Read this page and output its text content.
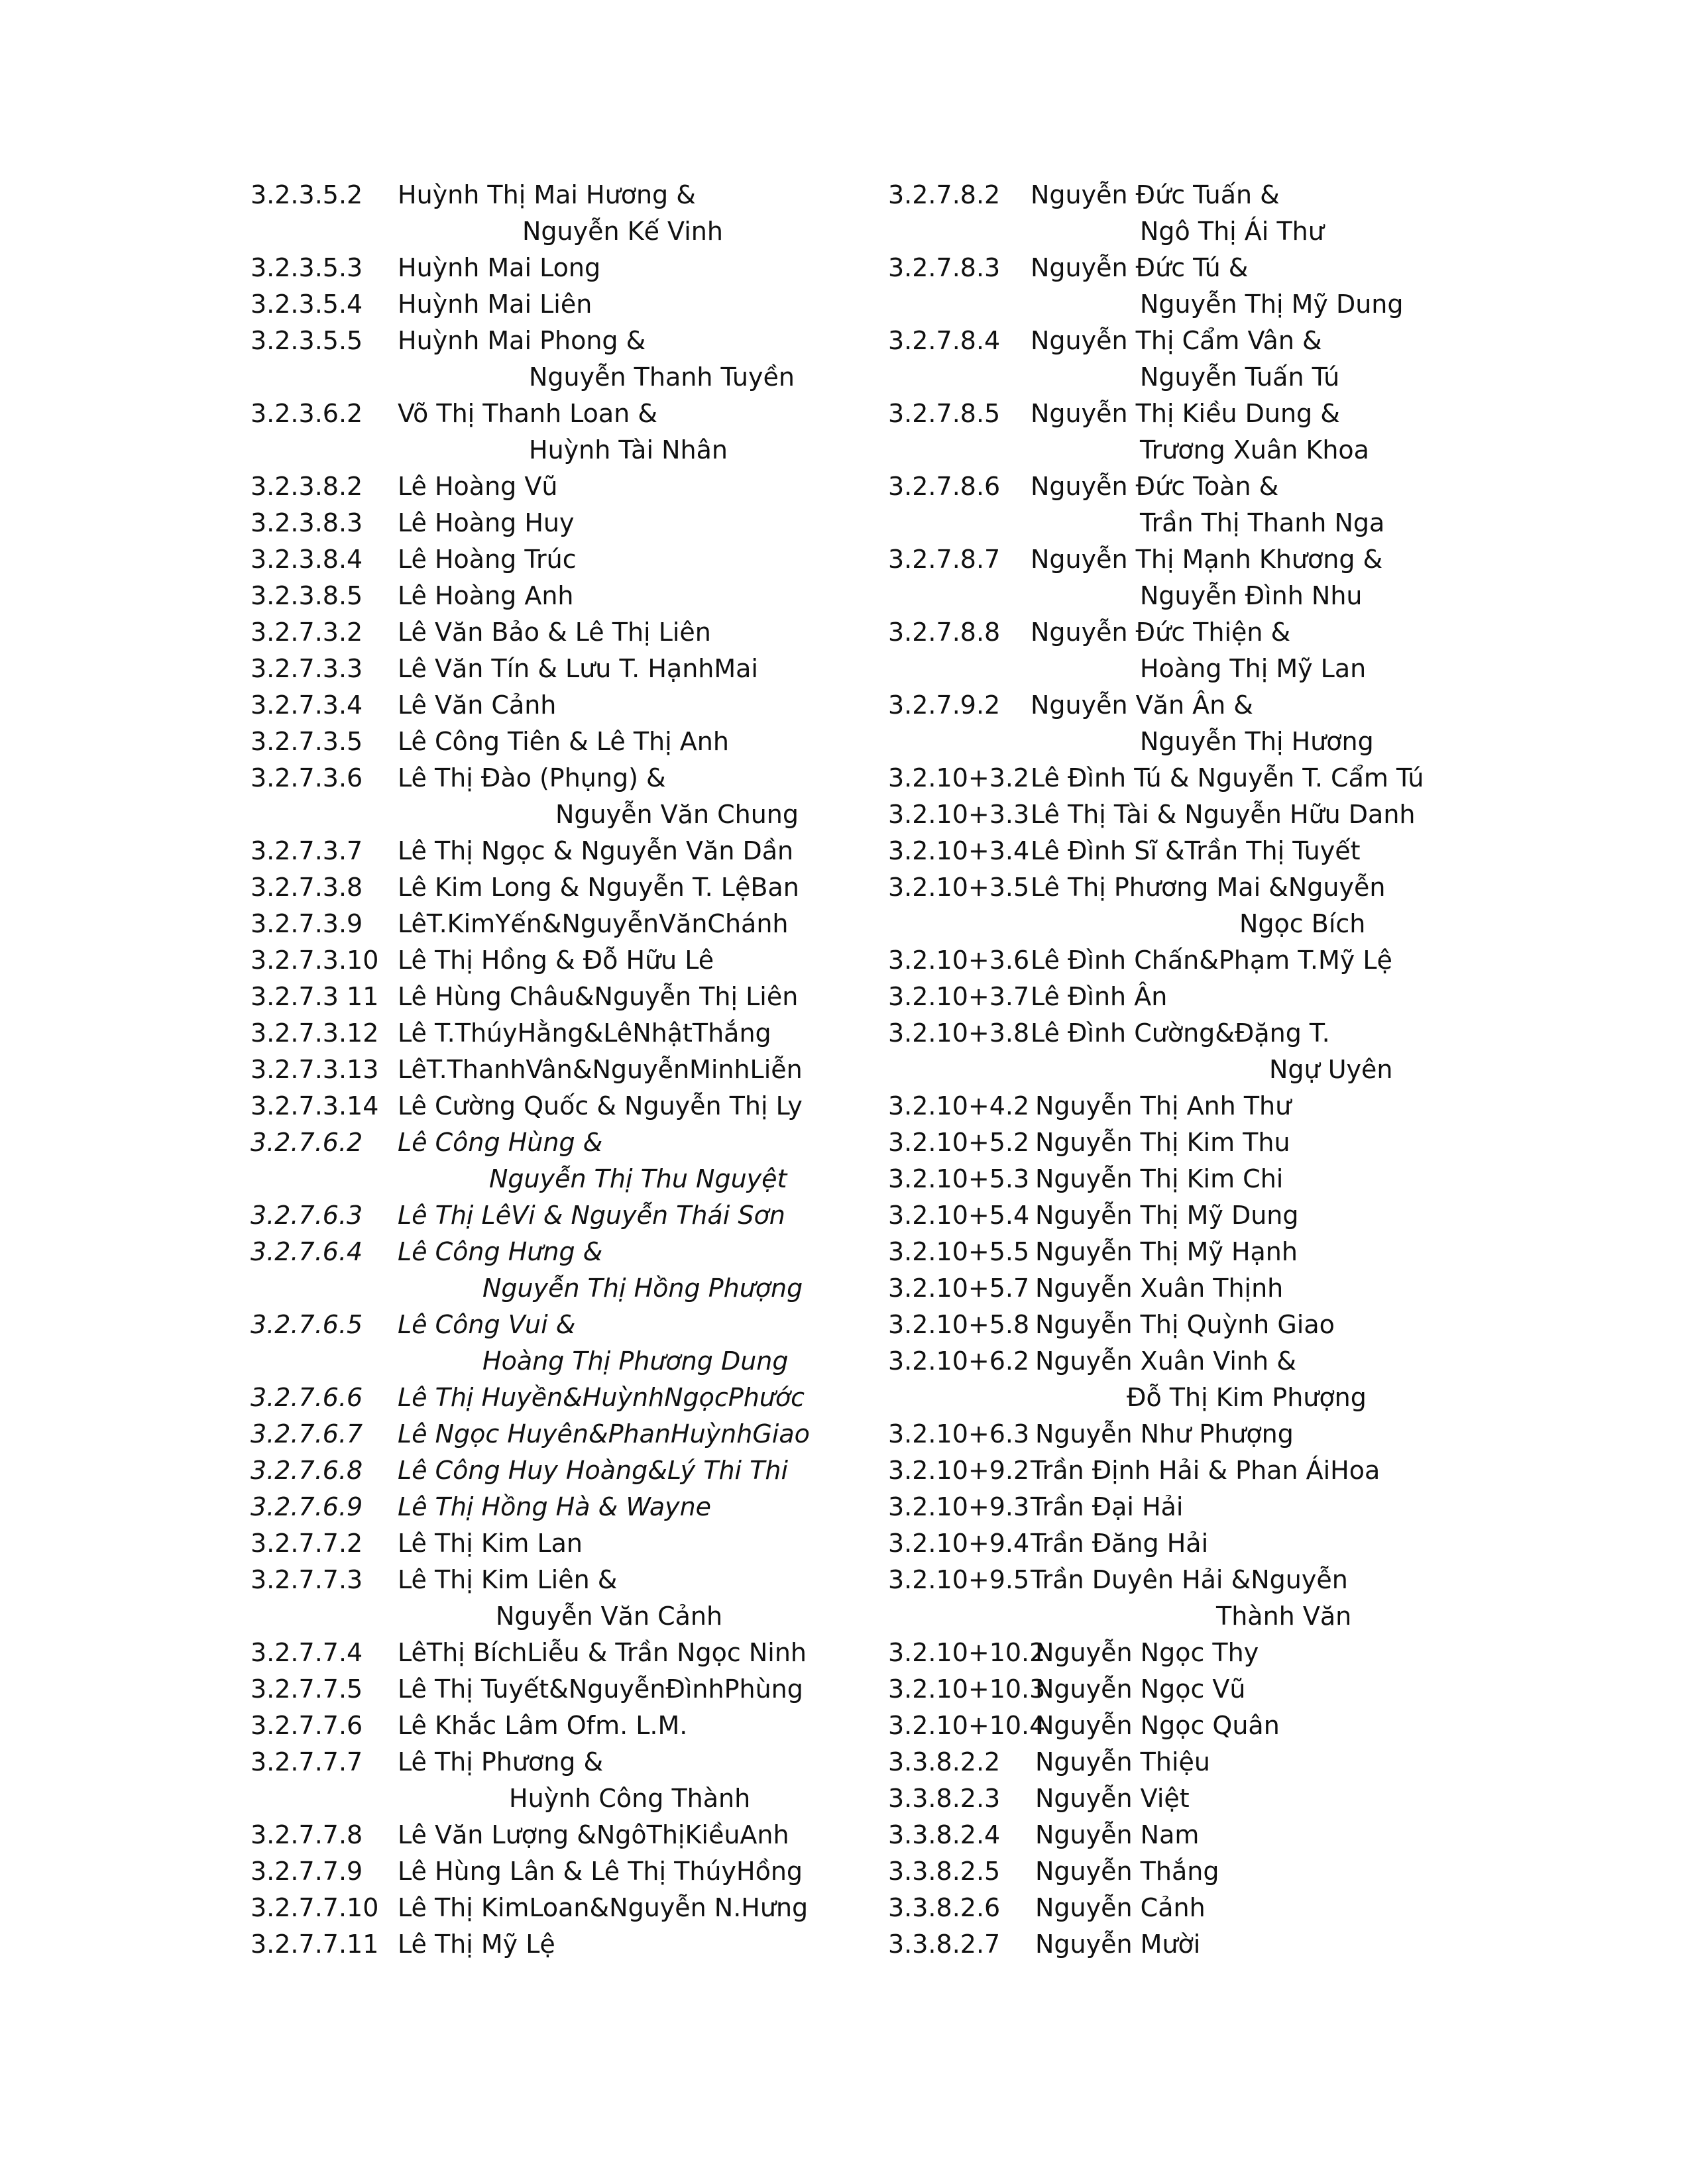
3.2.3.5.2 Huỳnh Thị Mai Hương &
Nguyễn Kế Vinh
3.2.3.5.3 Huỳnh Mai Long
3.2.3.5.4 Huỳnh Mai Liên
3.2.3.5.5 Huỳnh Mai Phong &
Nguyễn Thanh Tuyền
3.2.3.6.2 Võ Thị Thanh Loan &
Huỳnh Tài Nhân
3.2.3.8.2 Lê Hoàng Vũ
3.2.3.8.3 Lê Hoàng Huy
3.2.3.8.4 Lê Hoàng Trúc
3.2.3.8.5 Lê Hoàng Anh
3.2.7.3.2 Lê Văn Bảo & Lê Thị Liên
3.2.7.3.3 Lê Văn Tín & Lưu T. HạnhMai
3.2.7.3.4 Lê Văn Cảnh
3.2.7.3.5 Lê Công Tiên & Lê Thị Anh
3.2.7.3.6 Lê Thị Đào (Phụng) &
Nguyễn Văn Chung
3.2.7.3.7 Lê Thị Ngọc & Nguyễn Văn Dần
3.2.7.3.8 Lê Kim Long & Nguyễn T. LệBan
3.2.7.3.9 LêT.KimYến&NguyễnVănChánh
3.2.7.3.10 Lê Thị Hồng & Đỗ Hữu Lê
3.2.7.3 11 Lê Hùng Châu&Nguyễn Thị Liên
3.2.7.3.12 Lê T.ThúyHằng&LêNhậtThắng
3.2.7.3.13 LêT.ThanhVân&NguyễnMinhLiễn
3.2.7.3.14 Lê Cường Quốc & Nguyễn Thị Ly
3.2.7.6.2 Lê Công Hùng &
Nguyễn Thị Thu Nguyệt
3.2.7.6.3 Lê Thị LêVi & Nguyễn Thái Sơn
3.2.7.6.4 Lê Công Hưng &
Nguyễn Thị Hồng Phượng
3.2.7.6.5 Lê Công Vui &
Hoàng Thị Phương Dung
3.2.7.6.6 Lê Thị Huyền&HuỳnhNgọcPhước
3.2.7.6.7 Lê Ngọc Huyên&PhanHuỳnhGiao
3.2.7.6.8 Lê Công Huy Hoàng&Lý Thi Thi
3.2.7.6.9 Lê Thị Hồng Hà & Wayne
3.2.7.7.2 Lê Thị Kim Lan
3.2.7.7.3 Lê Thị Kim Liên &
Nguyễn Văn Cảnh
3.2.7.7.4 LêThị BíchLiễu & Trần Ngọc Ninh
3.2.7.7.5 Lê Thị Tuyết&NguyễnĐìnhPhùng
3.2.7.7.6 Lê Khắc Lâm Ofm. L.M.
3.2.7.7.7 Lê Thị Phương &
Huỳnh Công Thành
3.2.7.7.8 Lê Văn Lượng &NgôThịKiềuAnh
3.2.7.7.9 Lê Hùng Lân & Lê Thị ThúyHồng
3.2.7.7.10 Lê Thị KimLoan&Nguyễn N.Hưng
3.2.7.7.11 Lê Thị Mỹ Lệ
3.2.7.8.2 Nguyễn Đức Tuấn &
Ngô Thị Ái Thư
3.2.7.8.3 Nguyễn Đức Tú &
Nguyễn Thị Mỹ Dung
3.2.7.8.4 Nguyễn Thị Cẩm Vân &
Nguyễn Tuấn Tú
3.2.7.8.5 Nguyễn Thị Kiều Dung &
Trương Xuân Khoa
3.2.7.8.6 Nguyễn Đức Toàn &
Trần Thị Thanh Nga
3.2.7.8.7 Nguyễn Thị Mạnh Khương &
Nguyễn Đình Nhu
3.2.7.8.8 Nguyễn Đức Thiện &
Hoàng Thị Mỹ Lan
3.2.7.9.2 Nguyễn Văn Ân &
Nguyễn Thị Hương
3.2.10+3.2 Lê Đình Tú & Nguyễn T. Cẩm Tú
3.2.10+3.3 Lê Thị Tài & Nguyễn Hữu Danh
3.2.10+3.4 Lê Đình Sĩ &Trần Thị Tuyết
3.2.10+3.5 Lê Thị Phương Mai &Nguyễn
Ngọc Bích
3.2.10+3.6 Lê Đình Chấn&Phạm T.Mỹ Lệ
3.2.10+3.7 Lê Đình Ân
3.2.10+3.8 Lê Đình Cường&Đặng T.
Ngự Uyên
3.2.10+4.2 Nguyễn Thị Anh Thư
3.2.10+5.2 Nguyễn Thị Kim Thu
3.2.10+5.3 Nguyễn Thị Kim Chi
3.2.10+5.4 Nguyễn Thị Mỹ Dung
3.2.10+5.5 Nguyễn Thị Mỹ Hạnh
3.2.10+5.7 Nguyễn Xuân Thịnh
3.2.10+5.8 Nguyễn Thị Quỳnh Giao
3.2.10+6.2 Nguyễn Xuân Vinh &
Đỗ Thị Kim Phượng
3.2.10+6.3 Nguyễn Như Phượng
3.2.10+9.2 Trần Định Hải & Phan ÁiHoa
3.2.10+9.3 Trần Đại Hải
3.2.10+9.4 Trần Đăng Hải
3.2.10+9.5 Trần Duyên Hải &Nguyễn
Thành Văn
3.2.10+10.2
Nguyễn Ngọc Thy
3.2.10+10.3
Nguyễn Ngọc Vũ
3.2.10+10.4
Nguyễn Ngọc Quân
3.3.8.2.2 Nguyễn Thiệu
3.3.8.2.3 Nguyễn Việt
3.3.8.2.4 Nguyễn Nam
3.3.8.2.5 Nguyễn Thắng
3.3.8.2.6 Nguyễn Cảnh
3.3.8.2.7 Nguyễn Mười
